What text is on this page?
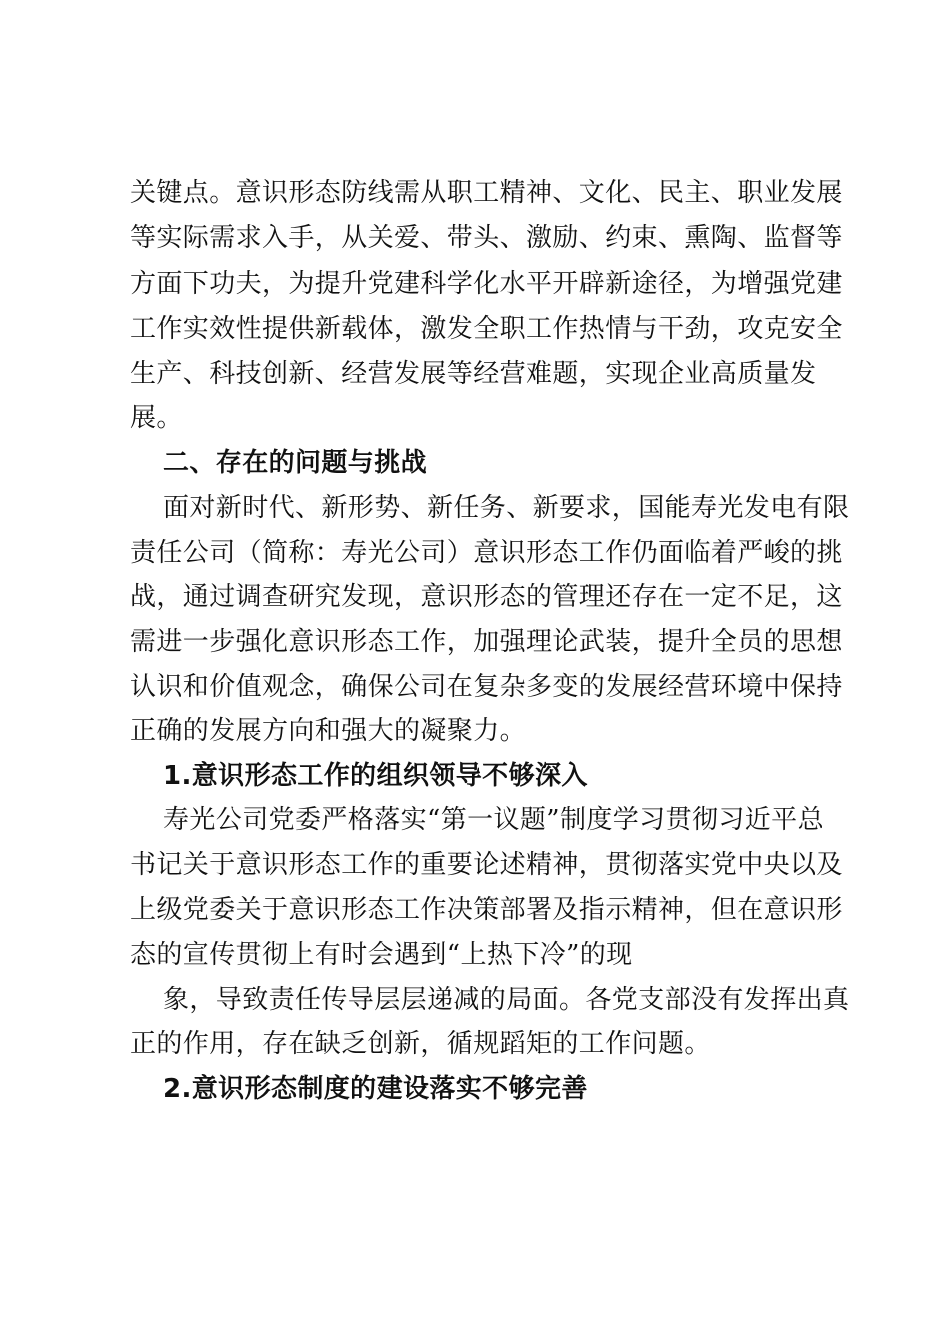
关键点。意识形态防线需从职工精神、文化、民主、职业发展
等实际需求入手，从关爱、带头、激励、约束、熏陶、监督等
方面下功夫，为提升党建科学化水平开辟新途径，为增强党建
工作实效性提供新载体，激发全职工作热情与干劲，攻克安全
生产、科技创新、经营发展等经营难题，实现企业高质量发
展。
二、存在的问题与挑战
面对新时代、新形势、新任务、新要求，国能寿光发电有限
责任公司（简称：寿光公司）意识形态工作仍面临着严峻的挑
战，通过调查研究发现，意识形态的管理还存在一定不足，这
需进一步强化意识形态工作，加强理论武装，提升全员的思想
认识和价值观念，确保公司在复杂多变的发展经营环境中保持
正确的发展方向和强大的凝聚力。
1.意识形态工作的组织领导不够深入
寿光公司党委严格落实“第一议题”制度学习贯彻习近平总
书记关于意识形态工作的重要论述精神，贯彻落实党中央以及
上级党委关于意识形态工作决策部署及指示精神，但在意识形
态的宣传贯彻上有时会遇到“上热下冷”的现
象，导致责任传导层层递减的局面。各党支部没有发挥出真
正的作用，存在缺乏创新，循规蹈矩的工作问题。
2.意识形态制度的建设落实不够完善
